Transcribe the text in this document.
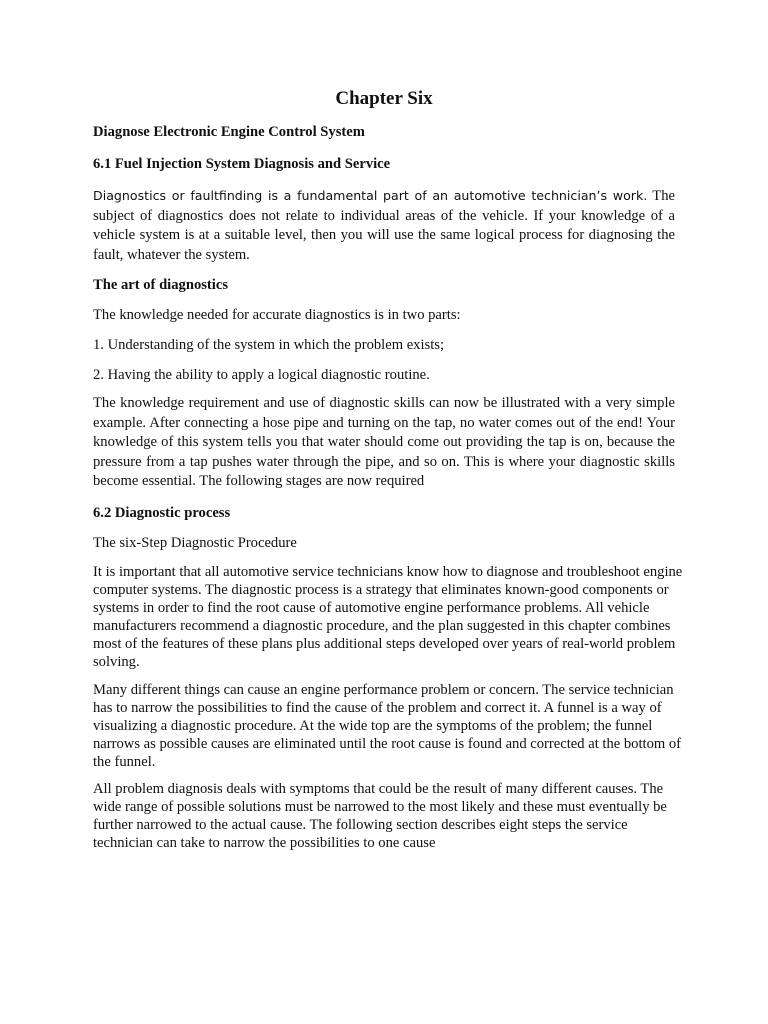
Chapter Six

Diagnose Electronic Engine Control System

6.1 Fuel Injection System Diagnosis and Service

Diagnostics or faultfinding is a fundamental part of an automotive technician’s work. The subject of diagnostics does not relate to individual areas of the vehicle. If your knowledge of a vehicle system is at a suitable level, then you will use the same logical process for diagnosing the fault, whatever the system.

The art of diagnostics

The knowledge needed for accurate diagnostics is in two parts:

1. Understanding of the system in which the problem exists;

2. Having the ability to apply a logical diagnostic routine.

The knowledge requirement and use of diagnostic skills can now be illustrated with a very simple example. After connecting a hose pipe and turning on the tap, no water comes out of the end! Your knowledge of this system tells you that water should come out providing the tap is on, because the pressure from a tap pushes water through the pipe, and so on. This is where your diagnostic skills become essential. The following stages are now required

6.2 Diagnostic process

The six-Step Diagnostic Procedure

It is important that all automotive service technicians know how to diagnose and troubleshoot engine computer systems. The diagnostic process is a strategy that eliminates known-good components or systems in order to find the root cause of automotive engine performance problems. All vehicle manufacturers recommend a diagnostic procedure, and the plan suggested in this chapter combines most of the features of these plans plus additional steps developed over years of real-world problem solving.

Many different things can cause an engine performance problem or concern. The service technician has to narrow the possibilities to find the cause of the problem and correct it. A funnel is a way of visualizing a diagnostic procedure. At the wide top are the symptoms of the problem; the funnel narrows as possible causes are eliminated until the root cause is found and corrected at the bottom of the funnel.

All problem diagnosis deals with symptoms that could be the result of many different causes. The wide range of possible solutions must be narrowed to the most likely and these must eventually be further narrowed to the actual cause. The following section describes eight steps the service technician can take to narrow the possibilities to one cause
